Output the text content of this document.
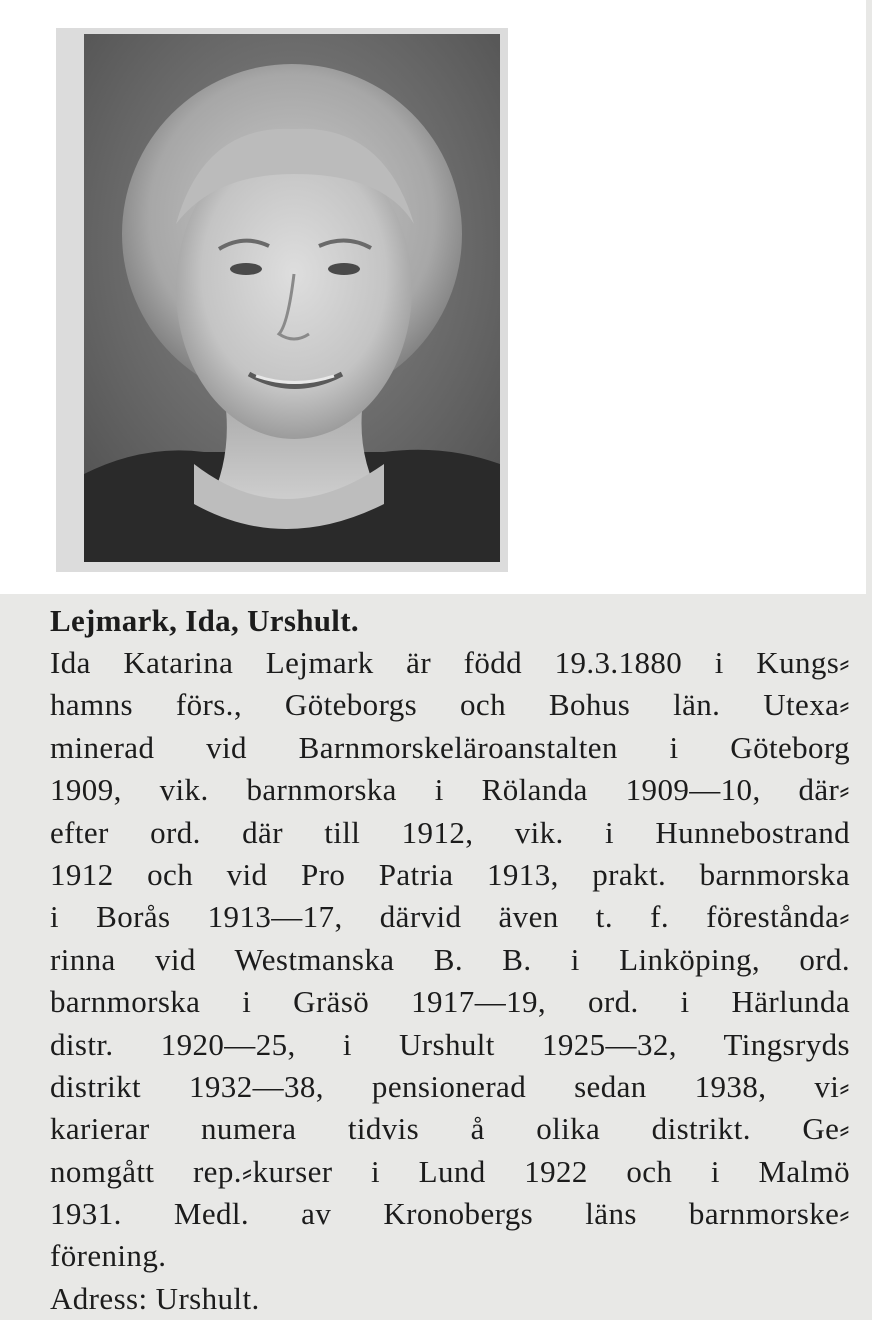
Lejmark, Ida, Urshult.

Ida Katarina Lejmark är född 19.3.1880 i Kungs⸗
hamns förs., Göteborgs och Bohus län. Utexa⸗
minerad vid Barnmorskeläroanstalten i Göteborg
1909, vik. barnmorska i Rölanda 1909—10, där⸗
efter ord. där till 1912, vik. i Hunnebostrand
1912 och vid Pro Patria 1913, prakt. barnmorska
i Borås 1913—17, därvid även t. f. förestånda⸗
rinna vid Westmanska B. B. i Linköping, ord.
barnmorska i Gräsö 1917—19, ord. i Härlunda
distr. 1920—25, i Urshult 1925—32, Tingsryds
distrikt 1932—38, pensionerad sedan 1938, vi⸗
karierar numera tidvis å olika distrikt. Ge⸗
nomgått rep.⸗kurser i Lund 1922 och i Malmö
1931. Medl. av Kronobergs läns barnmorske⸗
förening.
Adress: Urshult.
